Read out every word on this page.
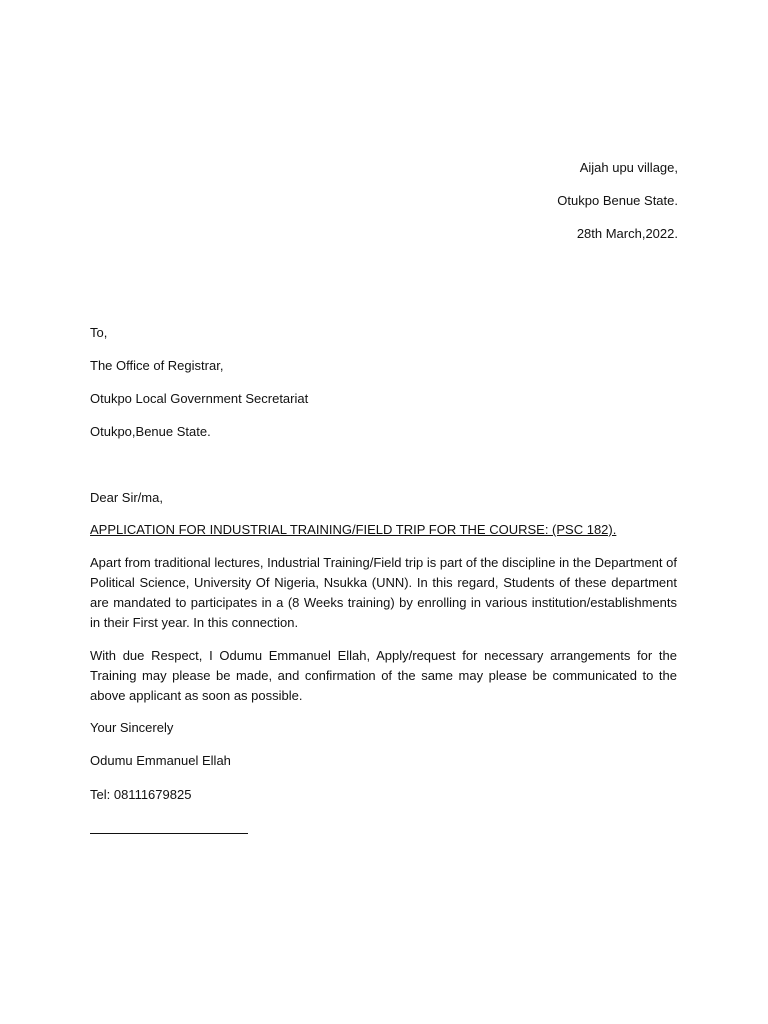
Aijah upu village,
Otukpo Benue State.
28th March,2022.
To,
The Office of Registrar,
Otukpo Local Government Secretariat
Otukpo,Benue State.
Dear Sir/ma,
APPLICATION FOR INDUSTRIAL TRAINING/FIELD TRIP FOR THE COURSE: (PSC 182).
Apart from traditional lectures, Industrial Training/Field trip is part of the discipline in the Department of Political Science, University Of Nigeria, Nsukka (UNN). In this regard, Students of these department are mandated to participates in a (8 Weeks training) by enrolling in various institution/establishments in their First year. In this connection.
With due Respect, I Odumu Emmanuel Ellah, Apply/request for necessary arrangements for the Training may please be made, and confirmation of the same may please be communicated to the above applicant as soon as possible.
Your Sincerely
Odumu Emmanuel Ellah
Tel: 08111679825
